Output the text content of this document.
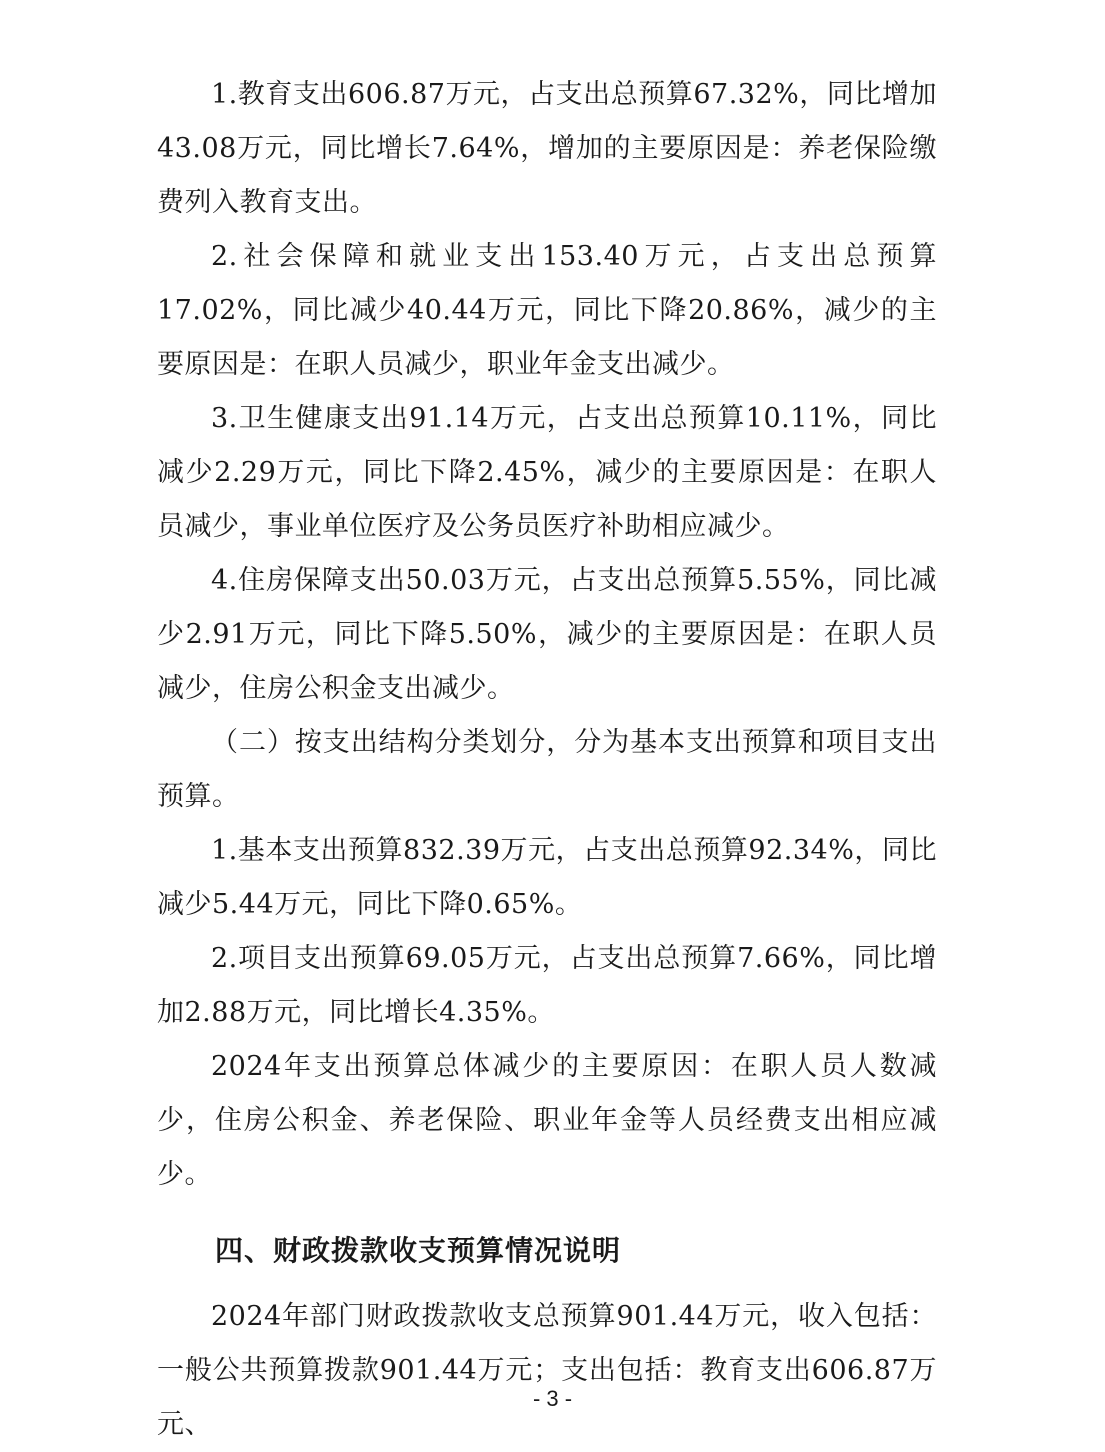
1.教育支出606.87万元，占支出总预算67.32%，同比增加43.08万元，同比增长7.64%，增加的主要原因是：养老保险缴费列入教育支出。

2.社会保障和就业支出153.40万元，占支出总预算17.02%，同比减少40.44万元，同比下降20.86%，减少的主要原因是：在职人员减少，职业年金支出减少。

3.卫生健康支出91.14万元，占支出总预算10.11%，同比减少2.29万元，同比下降2.45%，减少的主要原因是：在职人员减少，事业单位医疗及公务员医疗补助相应减少。

4.住房保障支出50.03万元，占支出总预算5.55%，同比减少2.91万元，同比下降5.50%，减少的主要原因是：在职人员减少，住房公积金支出减少。

（二）按支出结构分类划分，分为基本支出预算和项目支出预算。

1.基本支出预算832.39万元，占支出总预算92.34%，同比减少5.44万元，同比下降0.65%。

2.项目支出预算69.05万元，占支出总预算7.66%，同比增加2.88万元，同比增长4.35%。

2024年支出预算总体减少的主要原因：在职人员人数减少，住房公积金、养老保险、职业年金等人员经费支出相应减少。

四、财政拨款收支预算情况说明

2024年部门财政拨款收支总预算901.44万元，收入包括：一般公共预算拨款901.44万元；支出包括：教育支出606.87万元、

- 3 -
